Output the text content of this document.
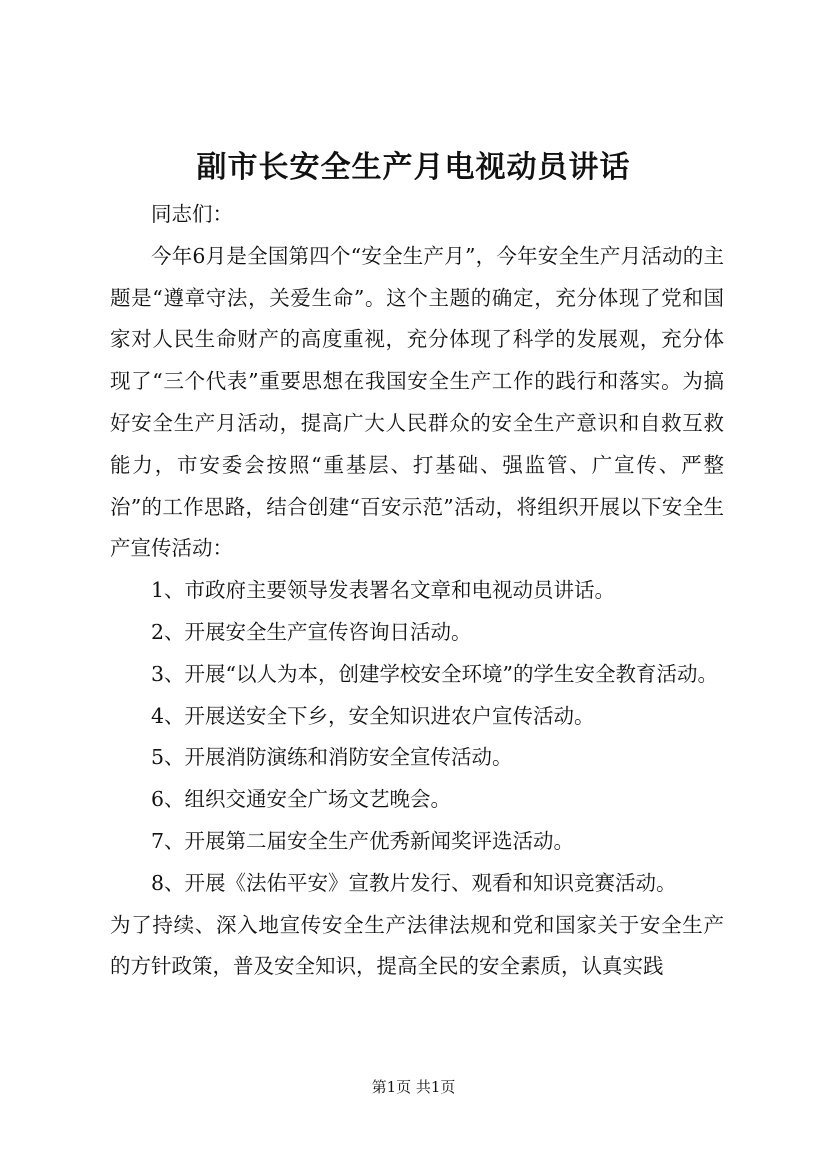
副市长安全生产月电视动员讲话

同志们：

今年6月是全国第四个“安全生产月”，今年安全生产月活动的主题是“遵章守法，关爱生命”。这个主题的确定，充分体现了党和国家对人民生命财产的高度重视，充分体现了科学的发展观，充分体现了“三个代表”重要思想在我国安全生产工作的践行和落实。为搞好安全生产月活动，提高广大人民群众的安全生产意识和自救互救能力，市安委会按照“重基层、打基础、强监管、广宣传、严整治”的工作思路，结合创建“百安示范”活动，将组织开展以下安全生产宣传活动：

1、市政府主要领导发表署名文章和电视动员讲话。

2、开展安全生产宣传咨询日活动。

3、开展“以人为本，创建学校安全环境”的学生安全教育活动。

4、开展送安全下乡，安全知识进农户宣传活动。

5、开展消防演练和消防安全宣传活动。

6、组织交通安全广场文艺晚会。

7、开展第二届安全生产优秀新闻奖评选活动。

8、开展《法佑平安》宣教片发行、观看和知识竞赛活动。

为了持续、深入地宣传安全生产法律法规和党和国家关于安全生产的方针政策，普及安全知识，提高全民的安全素质，认真实践

第1页 共1页
